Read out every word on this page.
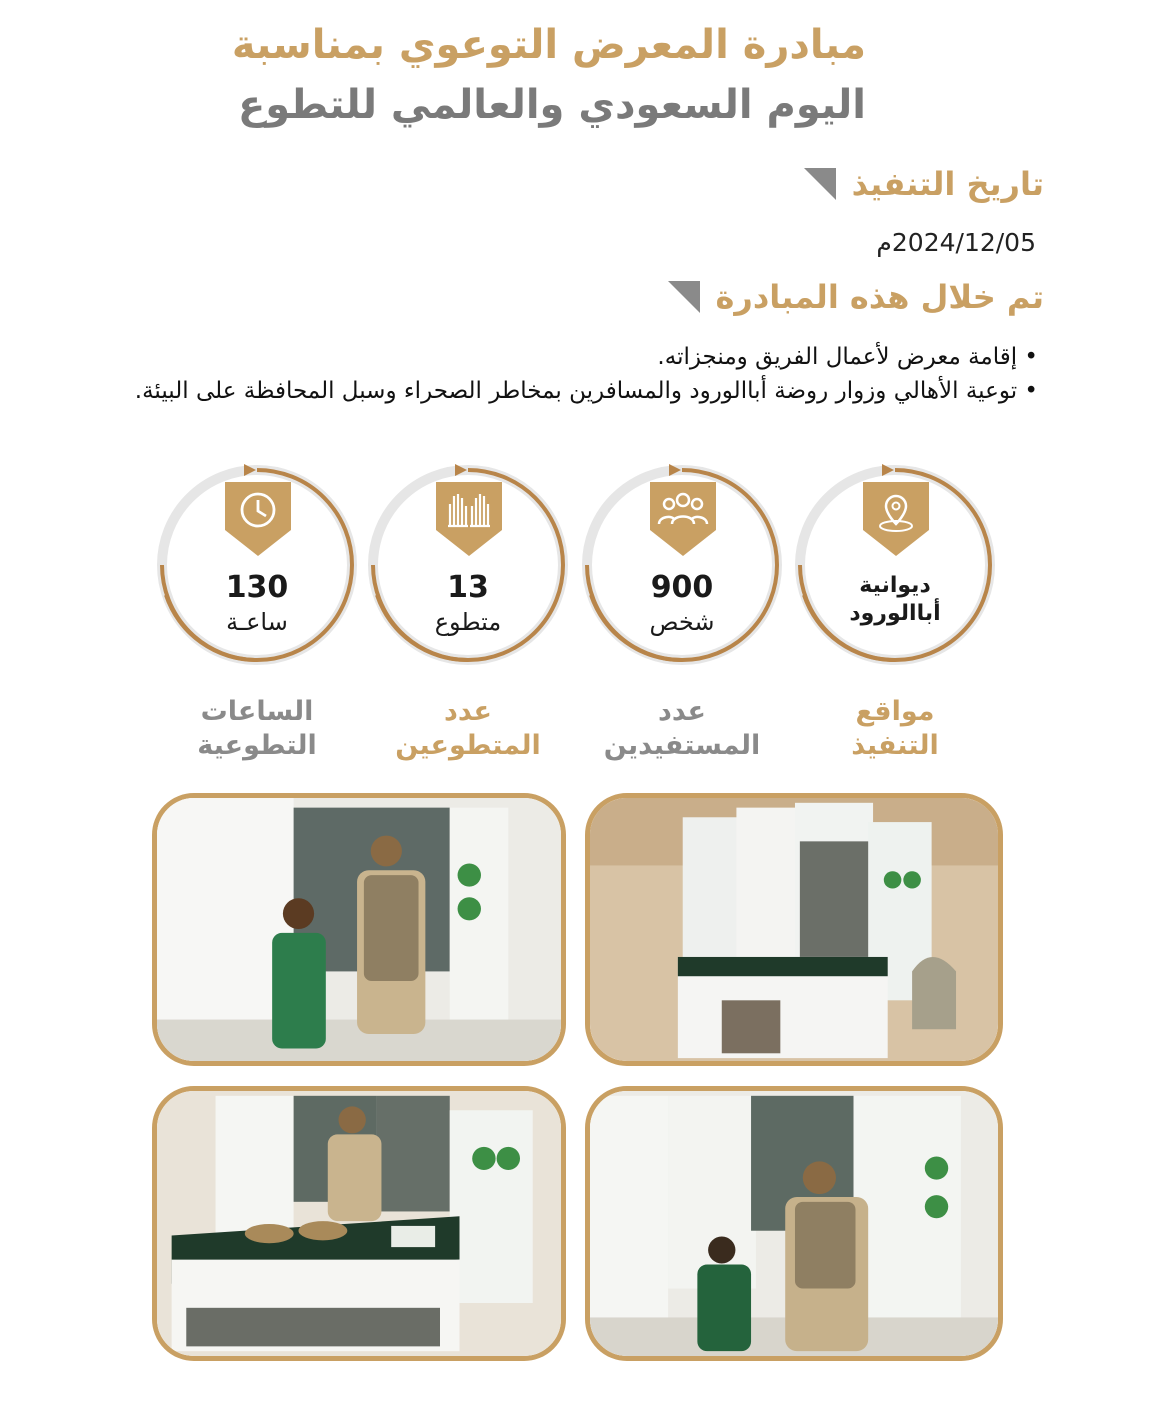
مبادرة المعرض التوعوي بمناسبة
اليوم السعودي والعالمي للتطوع
تاريخ التنفيذ
2024/12/05م
تم خلال هذه المبادرة
• إقامة معرض لأعمال الفريق ومنجزاته.
• توعية الأهالي وزوار روضة أباالورود والمسافرين بمخاطر الصحراء وسبل المحافظة على البيئة.
ديوانية
أباالورود
900
شخص
13
متطوع
130
ساعـة
مواقع
التنفيذ
عدد
المستفيدين
عدد
المتطوعين
الساعات
التطوعية
